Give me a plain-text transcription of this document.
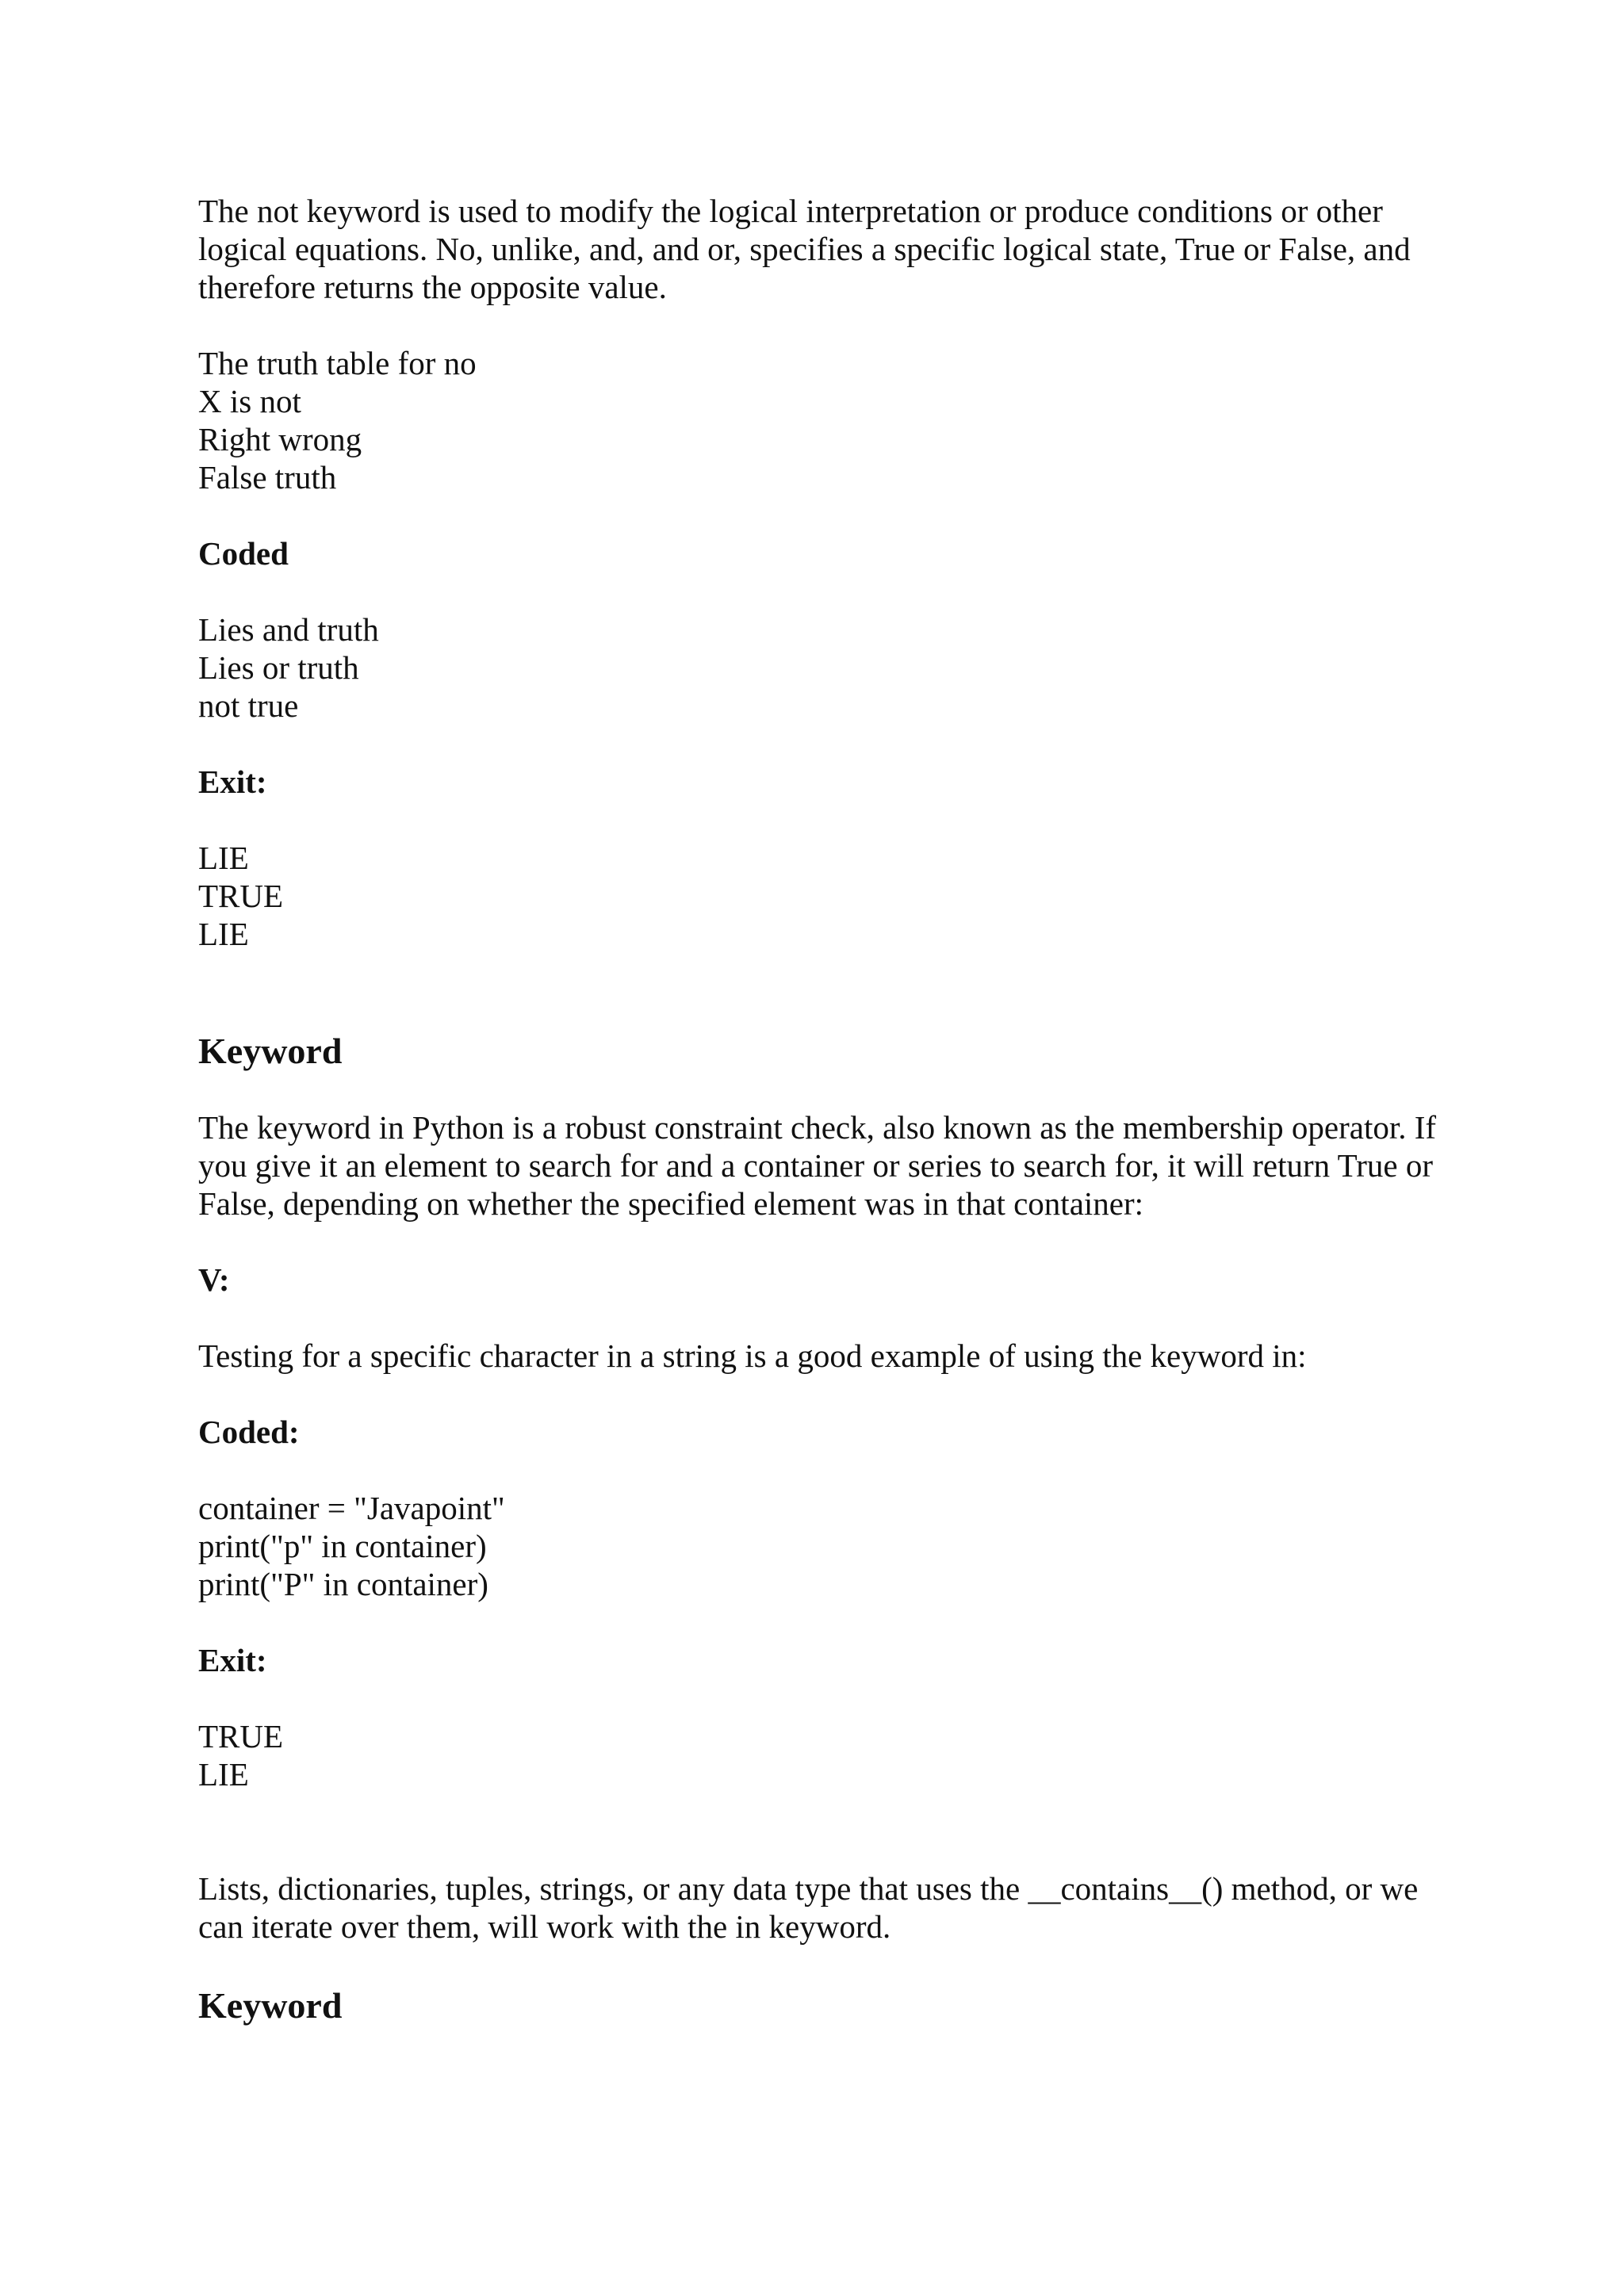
The not keyword is used to modify the logical interpretation or produce conditions or other logical equations. No, unlike, and, and or, specifies a specific logical state, True or False, and therefore returns the opposite value.

The truth table for no
X is not
Right wrong
False truth
Coded
Lies and truth
Lies or truth
not true
Exit:
LIE
TRUE
LIE
Keyword

The keyword in Python is a robust constraint check, also known as the membership operator. If you give it an element to search for and a container or series to search for, it will return True or False, depending on whether the specified element was in that container:

V:

Testing for a specific character in a string is a good example of using the keyword in:

Coded:
container = "Javapoint"
print("p" in container)
print("P" in container)
Exit:
TRUE
LIE

Lists, dictionaries, tuples, strings, or any data type that uses the __contains__() method, or we can iterate over them, will work with the in keyword.

Keyword
